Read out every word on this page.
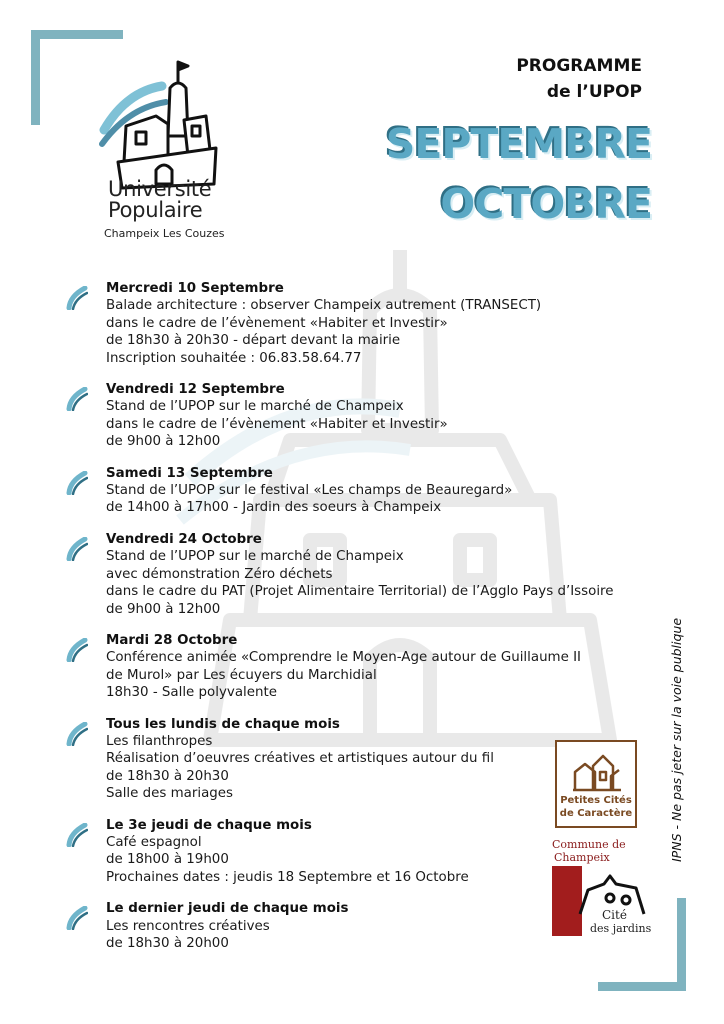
Université
Populaire
Champeix Les Couzes
PROGRAMME
de l’UPOP
SEPTEMBRE
OCTOBRE
Mercredi 10 Septembre
Balade architecture : observer Champeix autrement (TRANSECT)
dans le cadre de l’évènement «Habiter et Investir»
de 18h30 à 20h30 - départ devant la mairie
Inscription souhaitée : 06.83.58.64.77
Vendredi 12 Septembre
Stand de l’UPOP sur le marché de Champeix
dans le cadre de l’évènement «Habiter et Investir»
de 9h00 à 12h00
Samedi 13 Septembre
Stand de l’UPOP sur le festival «Les champs de Beauregard»
de 14h00 à 17h00 - Jardin des soeurs à Champeix
Vendredi 24 Octobre
Stand de l’UPOP sur le marché de Champeix
avec démonstration Zéro déchets
dans le cadre du PAT (Projet Alimentaire Territorial) de l’Agglo Pays d’Issoire
de 9h00 à 12h00
Mardi 28 Octobre
Conférence animée «Comprendre le Moyen-Age autour de Guillaume II
de Murol» par Les écuyers du Marchidial
18h30 - Salle polyvalente
Tous les lundis de chaque mois
Les filanthropes
Réalisation d’oeuvres créatives et artistiques autour du fil
de 18h30 à 20h30
Salle des mariages
Le 3e jeudi de chaque mois
Café espagnol
de 18h00 à 19h00
Prochaines dates : jeudis 18 Septembre et 16 Octobre
Le dernier jeudi de chaque mois
Les rencontres créatives
de 18h30 à 20h00
IPNS - Ne pas jeter sur la voie publique
Petites Cités
de Caractère
Commune de
Champeix
Cité
des jardins
